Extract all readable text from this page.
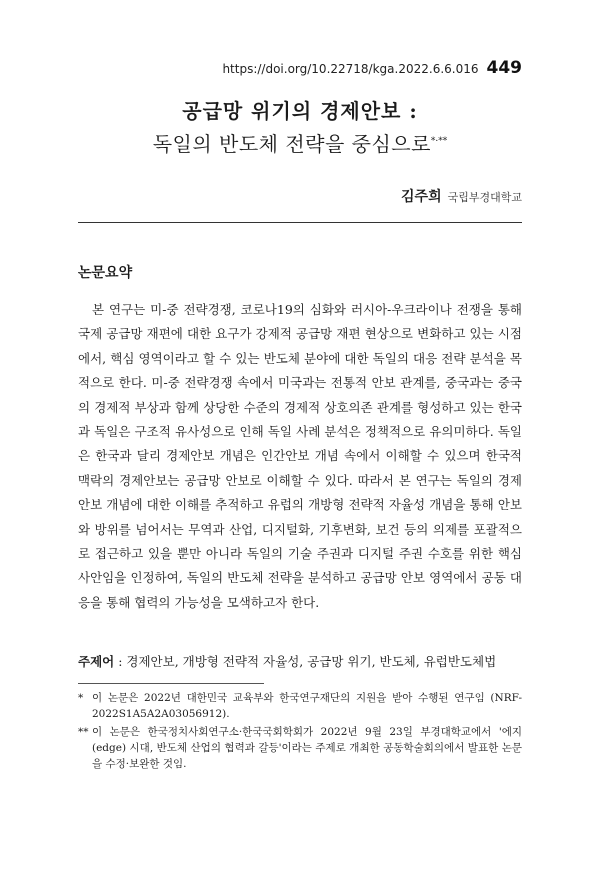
https://doi.org/10.22718/kga.2022.6.6.016 449
공급망 위기의 경제안보 :
독일의 반도체 전략을 중심으로*·**
김주희 국립부경대학교
논문요약

본 연구는 미-중 전략경쟁, 코로나19의 심화와 러시아-우크라이나 전쟁을 통해 국제 공급망 재편에 대한 요구가 강제적 공급망 재편 현상으로 변화하고 있는 시점에서, 핵심 영역이라고 할 수 있는 반도체 분야에 대한 독일의 대응 전략 분석을 목적으로 한다. 미-중 전략경쟁 속에서 미국과는 전통적 안보 관계를, 중국과는 중국의 경제적 부상과 함께 상당한 수준의 경제적 상호의존 관계를 형성하고 있는 한국과 독일은 구조적 유사성으로 인해 독일 사례 분석은 정책적으로 유의미하다. 독일은 한국과 달리 경제안보 개념은 인간안보 개념 속에서 이해할 수 있으며 한국적 맥락의 경제안보는 공급망 안보로 이해할 수 있다. 따라서 본 연구는 독일의 경제안보 개념에 대한 이해를 추적하고 유럽의 개방형 전략적 자율성 개념을 통해 안보와 방위를 넘어서는 무역과 산업, 디지털화, 기후변화, 보건 등의 의제를 포괄적으로 접근하고 있을 뿐만 아니라 독일의 기술 주권과 디지털 주권 수호를 위한 핵심 사안임을 인정하여, 독일의 반도체 전략을 분석하고 공급망 안보 영역에서 공동 대응을 통해 협력의 가능성을 모색하고자 한다.

주제어 : 경제안보, 개방형 전략적 자율성, 공급망 위기, 반도체, 유럽반도체법
* 이 논문은 2022년 대한민국 교육부와 한국연구재단의 지원을 받아 수행된 연구임 (NRF-2022S1A5A2A03056912).
** 이 논문은 한국정치사회연구소·한국국회학회가 2022년 9월 23일 부경대학교에서 '에지(edge) 시대, 반도체 산업의 협력과 갈등'이라는 주제로 개최한 공동학술회의에서 발표한 논문을 수정·보완한 것임.
